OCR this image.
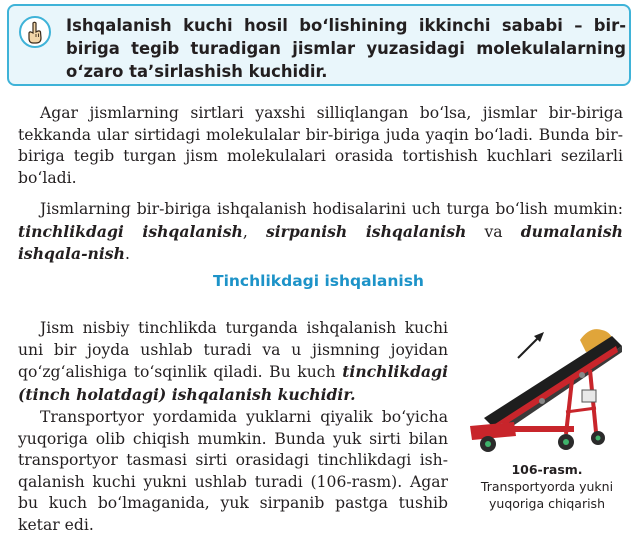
Ishqalanish kuchi hosil boʻlishining ikkinchi sababi – bir-
biriga tegib turadigan jismlar yuzasidagi molekulalarning

oʻzaro taʼsirlashish kuchidir.

Agar jismlarning sirtlari yaxshi silliqlangan boʻlsa, jismlar bir-biriga tekkanda ular sirtidagi molekulalar bir-biriga juda yaqin boʻladi. Bunda bir-biriga tegib turgan jism molekulalari orasida tortishish kuchlari sezilarli boʻladi.

Jismlarning bir-biriga ishqalanish hodisalarini uch turga boʻlish mumkin: tinchlikdagi ishqalanish, sirpanish ishqalanish va dumalanish ishqala-nish.

Tinchlikdagi ishqalanish

Jism nisbiy tinchlikda turganda ishqalanish kuchi uni bir joyda ushlab turadi va u jismning joyidan qoʻzgʻalishiga toʻsqinlik qiladi. Bu kuch tinchlikdagi (tinch holatdagi) ishqalanish kuchidir.

Transportyor yordamida yuklarni qiyalik boʻyicha yuqoriga olib chiqish mumkin. Bunda yuk sirti bilan transportyor tasmasi sirti orasidagi tinchlikdagi ish-qalanish kuchi yukni ushlab turadi (106-rasm). Agar bu kuch boʻlmaganida, yuk sirpanib pastga tushib ketar edi.

106-rasm.
Transportyorda yukni
yuqoriga chiqarish
